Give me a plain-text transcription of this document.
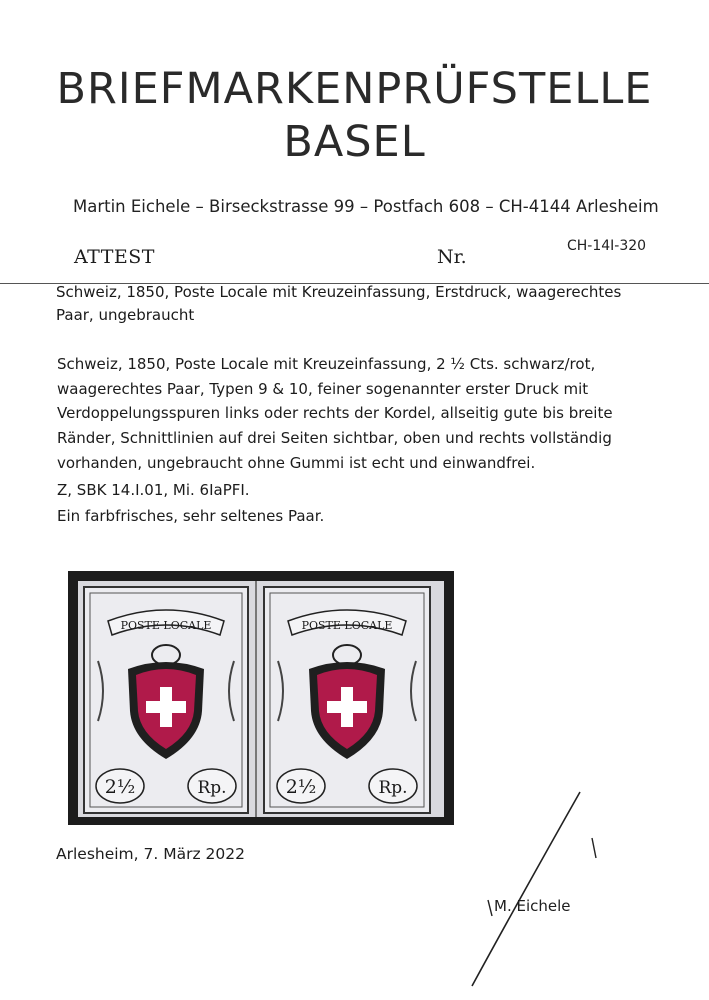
BRIEFMARKENPRÜFSTELLE
BASEL
Martin Eichele – Birseckstrasse 99 – Postfach 608 – CH-4144 Arlesheim
ATTEST	Nr.	CH-14I-320
Schweiz, 1850, Poste Locale mit Kreuzeinfassung, Erstdruck, waagerechtes
Paar, ungebraucht
Schweiz, 1850, Poste Locale mit Kreuzeinfassung, 2 ½ Cts. schwarz/rot,
waagerechtes Paar, Typen 9 & 10, feiner sogenannter erster Druck mit
Verdoppelungsspuren links oder rechts der Kordel, allseitig gute bis breite
Ränder, Schnittlinien auf drei Seiten sichtbar, oben und rechts vollständig
vorhanden, ungebraucht ohne Gummi ist echt und einwandfrei.
Z, SBK 14.I.01, Mi. 6IaPFI.
Ein farbfrisches, sehr seltenes Paar.
POSTE LOCALE
2½	Rp.
POSTE LOCALE
2½	Rp.
Arlesheim, 7. März 2022
M. Eichele
